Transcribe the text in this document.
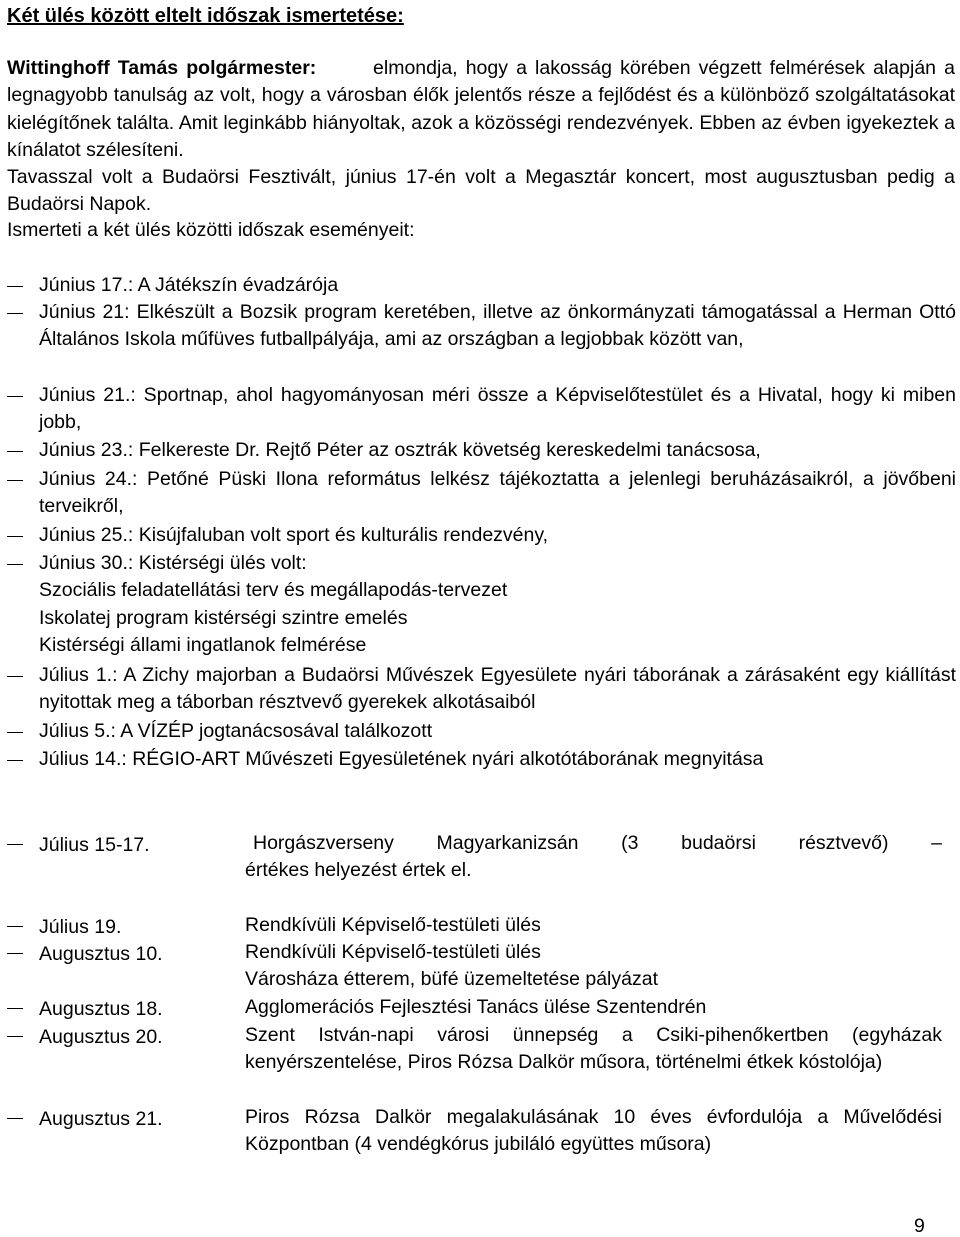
Két ülés között eltelt időszak ismertetése:

Wittinghoff Tamás polgármester:	elmondja, hogy a lakosság körében végzett felmérések alapján a legnagyobb tanulság az volt, hogy a városban élők jelentős része a fejlődést és a különböző szolgáltatásokat kielégítőnek találta. Amit leginkább hiányoltak, azok a közösségi rendezvények. Ebben az évben igyekeztek a kínálatot szélesíteni.

Tavasszal volt a Budaörsi Fesztivált, június 17-én volt a Megasztár koncert, most augusztusban pedig a Budaörsi Napok.

Ismerteti a két ülés közötti időszak eseményeit:
Június 17.: A Játékszín évadzárója
Június 21: Elkészült a Bozsik program keretében, illetve az önkormányzati támogatással a Herman Ottó Általános Iskola műfüves futballpályája, ami az országban a legjobbak között van,
Június 21.: Sportnap, ahol hagyományosan méri össze a Képviselőtestület és a Hivatal, hogy ki miben jobb,
Június 23.: Felkereste Dr. Rejtő Péter az osztrák követség kereskedelmi tanácsosa,
Június 24.: Petőné Püski Ilona református lelkész tájékoztatta a jelenlegi beruházásaikról, a jövőbeni terveikről,
Június 25.: Kisújfaluban volt sport és kulturális rendezvény,

Június 30.: Kistérségi ülés volt:

Szociális feladatellátási terv és megállapodás-tervezet

Iskolatej program kistérségi szintre emelés

Kistérségi állami ingatlanok felmérése

Július 1.: A Zichy majorban a Budaörsi Művészek Egyesülete nyári táborának a zárásaként egy kiállítást nyitottak meg a táborban résztvevő gyerekek alkotásaiból
Július 5.: A VÍZÉP jogtanácsosával találkozott
Július 14.: RÉGIO-ART Művészeti Egyesületének nyári alkotótáborának megnyitása
Július 15-17.	Horgászverseny Magyarkanizsán (3 budaörsi résztvevő) –

értékes helyezést értek el.

Július 19.	Rendkívüli Képviselő-testületi ülés

Augusztus 10.	Rendkívüli Képviselő-testületi ülés

Városháza étterem, büfé üzemeltetése pályázat

Augusztus 18.	Agglomerációs Fejlesztési Tanács ülése Szentendrén

Augusztus 20.	Szent István-napi városi ünnepség a Csiki-pihenőkertben (egyházak kenyérszentelése, Piros Rózsa Dalkör műsora, történelmi étkek kóstolója)

Augusztus 21.	Piros Rózsa Dalkör megalakulásának 10 éves évfordulója a Művelődési Központban (4 vendégkórus jubiláló együttes műsora)

9
